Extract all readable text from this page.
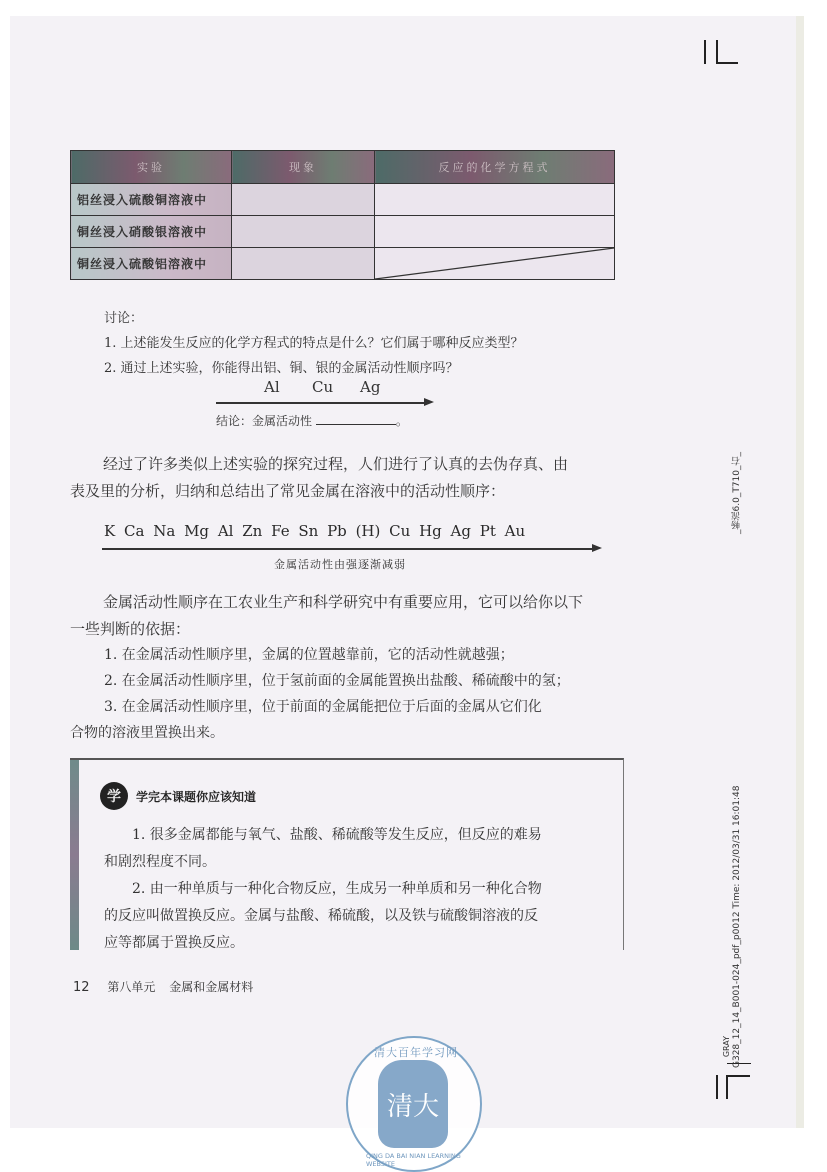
实验	现象	反应的化学方程式
铝丝浸入硫酸铜溶液中		
铜丝浸入硝酸银溶液中		
铜丝浸入硫酸铝溶液中		
讨论：
1. 上述能发生反应的化学方程式的特点是什么？它们属于哪种反应类型？
2. 通过上述实验，你能得出铝、铜、银的金属活动性顺序吗？
Al Cu Ag
结论：金属活动性	。
经过了许多类似上述实验的探究过程，人们进行了认真的去伪存真、由
表及里的分析，归纳和总结出了常见金属在溶液中的活动性顺序：
K Ca Na Mg Al Zn Fe Sn Pb (H) Cu Hg Ag Pt Au
金属活动性由强逐渐减弱
金属活动性顺序在工农业生产和科学研究中有重要应用，它可以给你以下
一些判断的依据：
1. 在金属活动性顺序里，金属的位置越靠前，它的活动性就越强；
2. 在金属活动性顺序里，位于氢前面的金属能置换出盐酸、稀硫酸中的氢；
3. 在金属活动性顺序里，位于前面的金属能把位于后面的金属从它们化
合物的溶液里置换出来。
学	学完本课题你应该知道
1. 很多金属都能与氧气、盐酸、稀硫酸等发生反应，但反应的难易
和剧烈程度不同。
2. 由一种单质与一种化合物反应，生成另一种单质和另一种化合物
的反应叫做置换反应。金属与盐酸、稀硫酸，以及铁与硫酸铜溶液的反
应等都属于置换反应。
12 第八单元 金属和金属材料
_畅流6.0_T710_右_
G328_12_14_B001-024_pdf_p0012 Time: 2012/03/31 16:01:48
GRAY
清大百年学习网
清大
QING DA BAI NIAN LEARNING WEBSITE
